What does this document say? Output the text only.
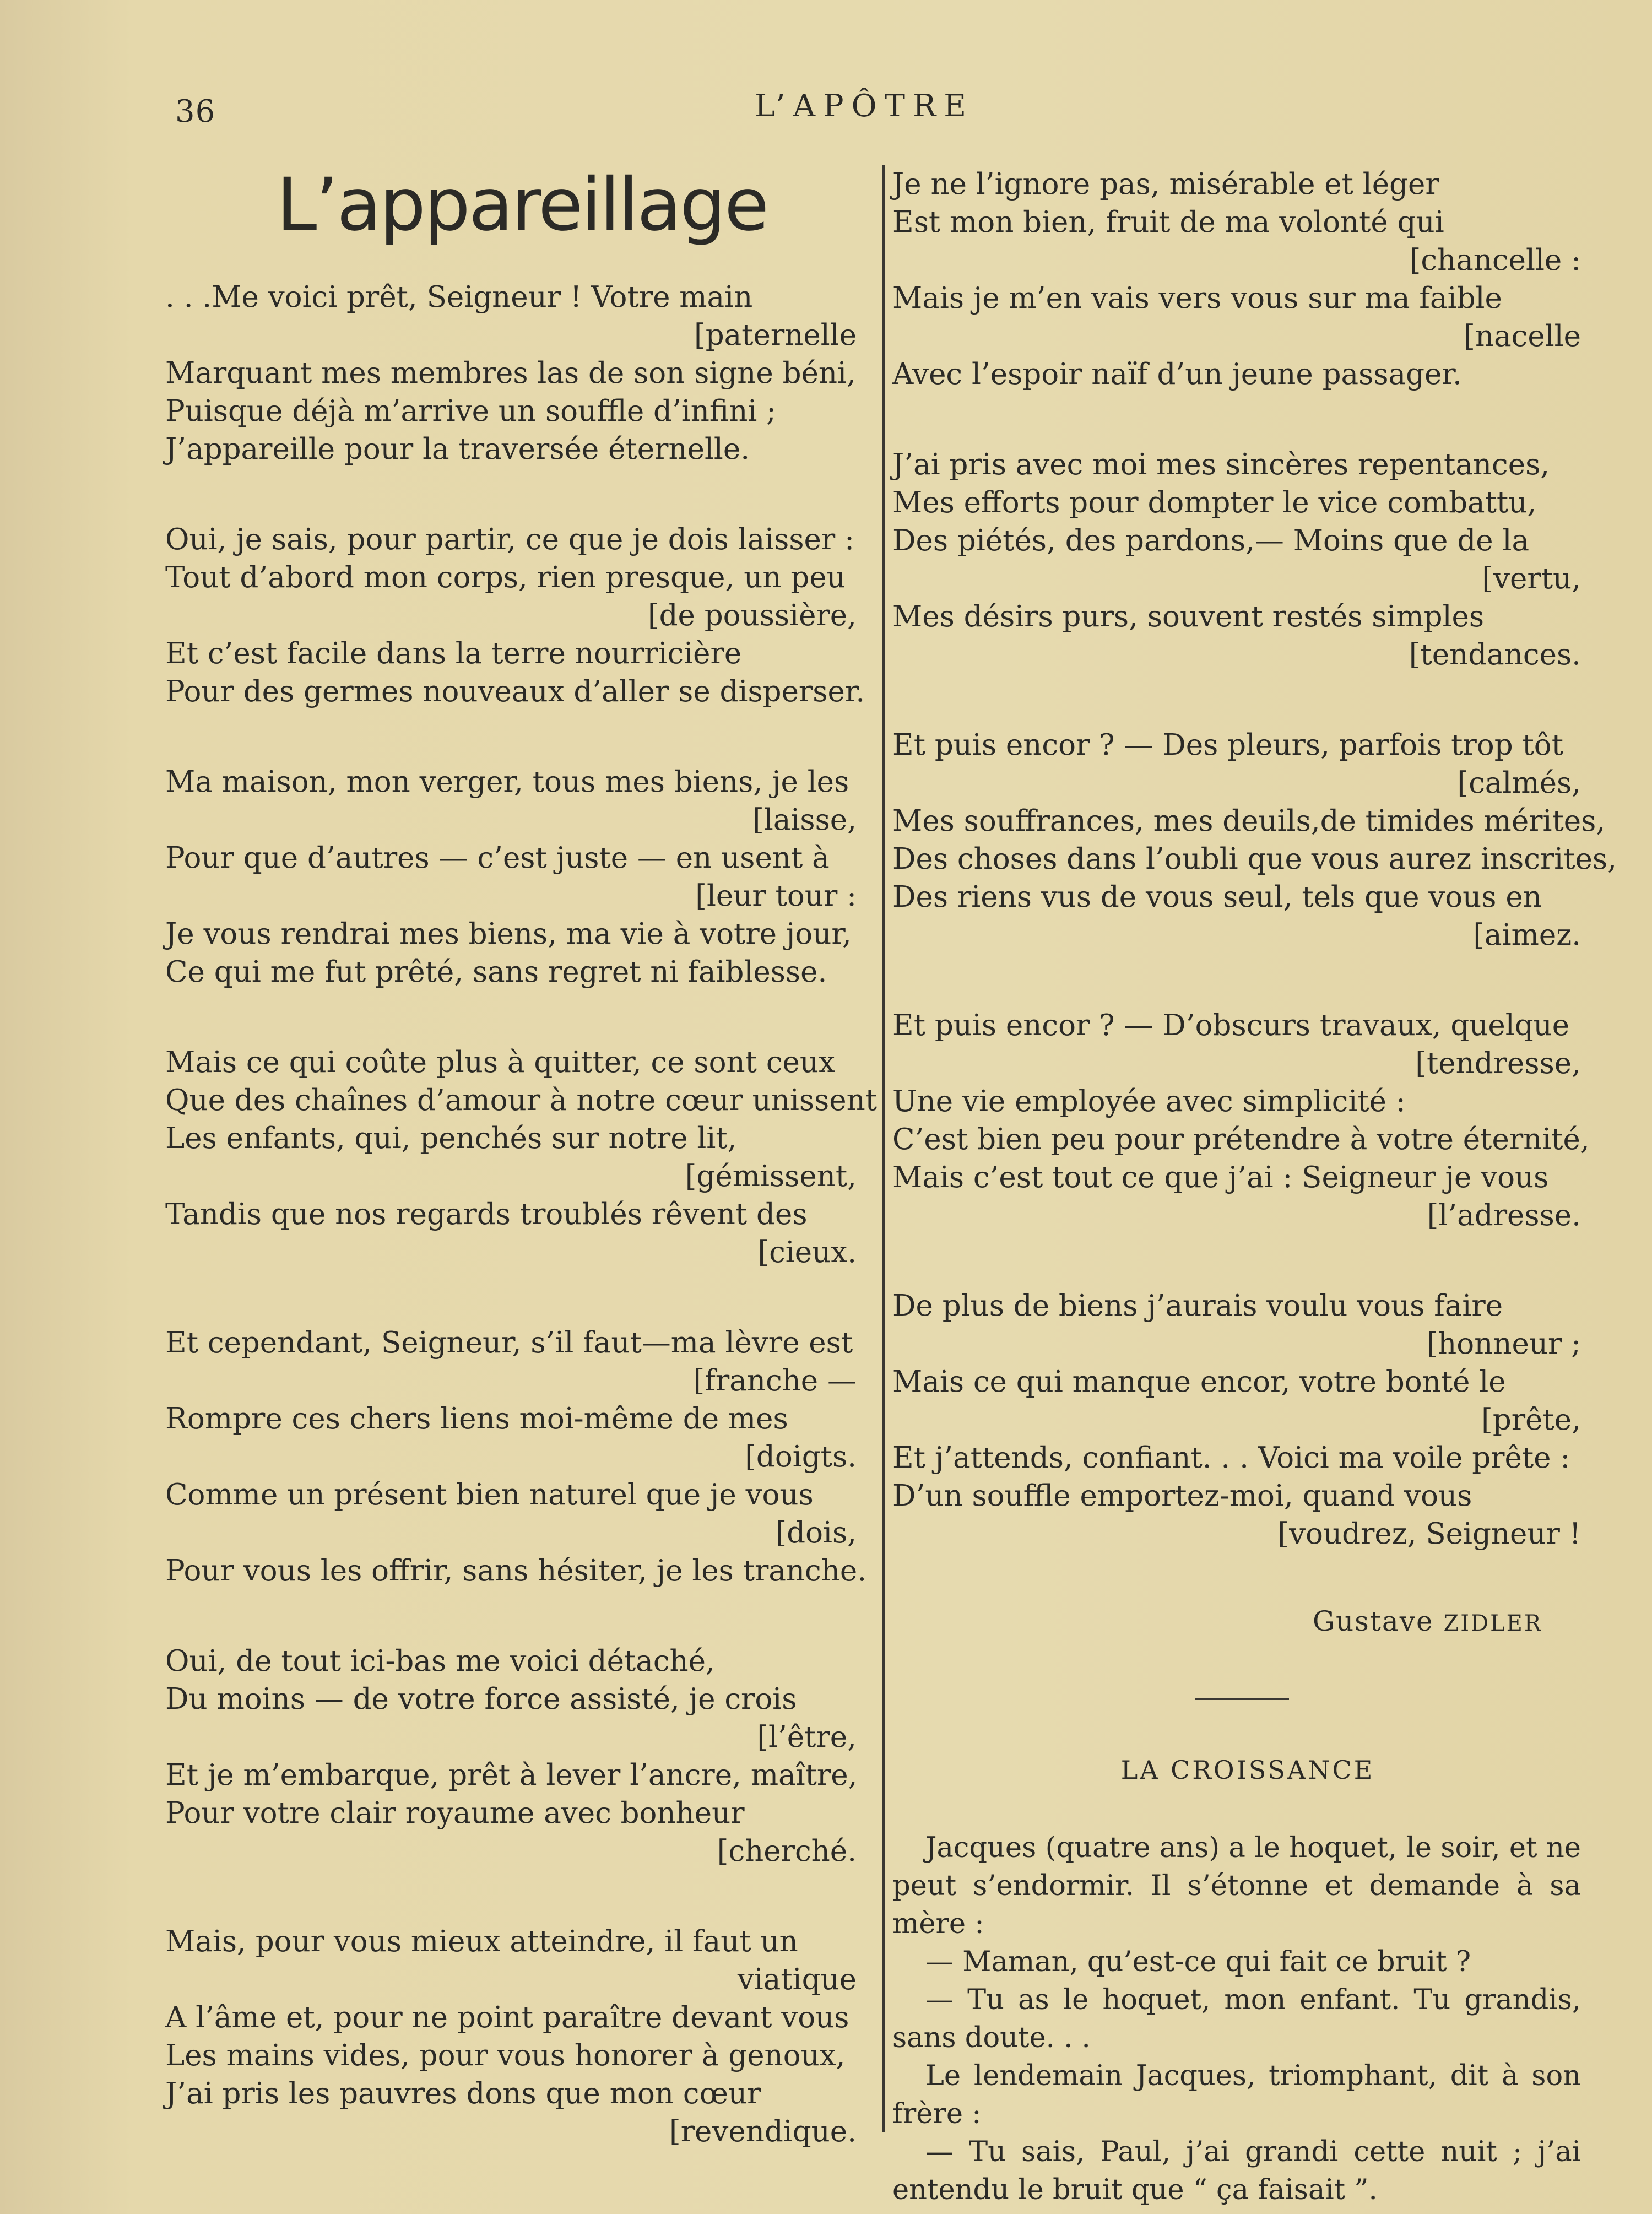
36	L’APÔTRE
L’appareillage
. . .Me voici prêt, Seigneur ! Votre main
[paternelle
Marquant mes membres las de son signe béni,
Puisque déjà m’arrive un souffle d’infini ;
J’appareille pour la traversée éternelle.
Oui, je sais, pour partir, ce que je dois laisser :
Tout d’abord mon corps, rien presque, un peu
[de poussière,
Et c’est facile dans la terre nourricière
Pour des germes nouveaux d’aller se disperser.
Ma maison, mon verger, tous mes biens, je les
[laisse,
Pour que d’autres — c’est juste — en usent à
[leur tour :
Je vous rendrai mes biens, ma vie à votre jour,
Ce qui me fut prêté, sans regret ni faiblesse.
Mais ce qui coûte plus à quitter, ce sont ceux
Que des chaînes d’amour à notre cœur unissent
Les enfants, qui, penchés sur notre lit,
[gémissent,
Tandis que nos regards troublés rêvent des
[cieux.
Et cependant, Seigneur, s’il faut—ma lèvre est
[franche —
Rompre ces chers liens moi-même de mes
[doigts.
Comme un présent bien naturel que je vous
[dois,
Pour vous les offrir, sans hésiter, je les tranche.
Oui, de tout ici-bas me voici détaché,
Du moins — de votre force assisté, je crois
[l’être,
Et je m’embarque, prêt à lever l’ancre, maître,
Pour votre clair royaume avec bonheur
[cherché.
Mais, pour vous mieux atteindre, il faut un
viatique
A l’âme et, pour ne point paraître devant vous
Les mains vides, pour vous honorer à genoux,
J’ai pris les pauvres dons que mon cœur
[revendique.
Je ne l’ignore pas, misérable et léger
Est mon bien, fruit de ma volonté qui
[chancelle :
Mais je m’en vais vers vous sur ma faible
[nacelle
Avec l’espoir naïf d’un jeune passager.
J’ai pris avec moi mes sincères repentances,
Mes efforts pour dompter le vice combattu,
Des piétés, des pardons,— Moins que de la
[vertu,
Mes désirs purs, souvent restés simples
[tendances.
Et puis encor ? — Des pleurs, parfois trop tôt
[calmés,
Mes souffrances, mes deuils,de timides mérites,
Des choses dans l’oubli que vous aurez inscrites,
Des riens vus de vous seul, tels que vous en
[aimez.
Et puis encor ? — D’obscurs travaux, quelque
[tendresse,
Une vie employée avec simplicité :
C’est bien peu pour prétendre à votre éternité,
Mais c’est tout ce que j’ai : Seigneur je vous
[l’adresse.
De plus de biens j’aurais voulu vous faire
[honneur ;
Mais ce qui manque encor, votre bonté le
[prête,
Et j’attends, confiant. . . Voici ma voile prête :
D’un souffle emportez-moi, quand vous
[voudrez, Seigneur !
Gustave ZIDLER
LA CROISSANCE
Jacques (quatre ans) a le hoquet, le soir, et ne peut s’endormir. Il s’étonne et demande à sa mère :
— Maman, qu’est-ce qui fait ce bruit ?
— Tu as le hoquet, mon enfant. Tu grandis, sans doute. . .
Le lendemain Jacques, triomphant, dit à son frère :
— Tu sais, Paul, j’ai grandi cette nuit ; j’ai entendu le bruit que “ ça faisait ”.
